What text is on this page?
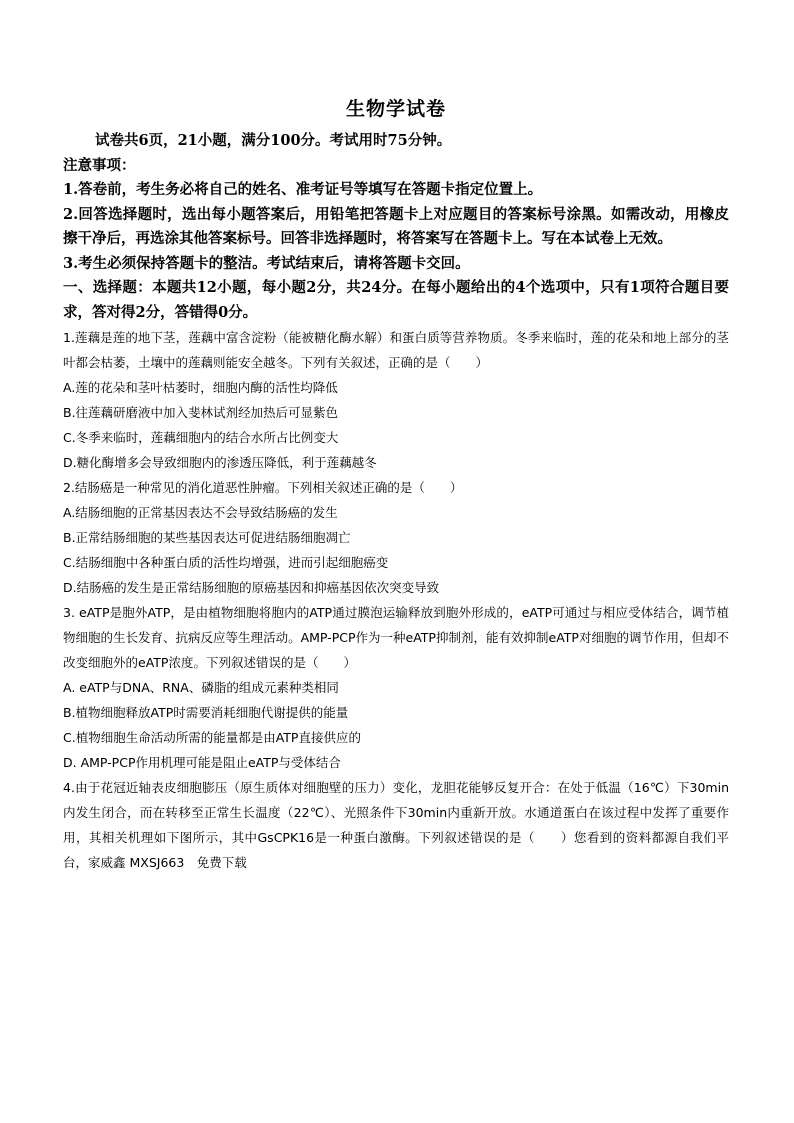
生物学试卷

试卷共6页，21小题，满分100分。考试用时75分钟。

注意事项：

1.答卷前，考生务必将自己的姓名、准考证号等填写在答题卡指定位置上。

2.回答选择题时，选出每小题答案后，用铅笔把答题卡上对应题目的答案标号涂黑。如需改动，用橡皮擦干净后，再选涂其他答案标号。回答非选择题时，将答案写在答题卡上。写在本试卷上无效。

3.考生必须保持答题卡的整洁。考试结束后，请将答题卡交回。

一、选择题：本题共12小题，每小题2分，共24分。在每小题给出的4个选项中，只有1项符合题目要求，答对得2分，答错得0分。

1.莲藕是莲的地下茎，莲藕中富含淀粉（能被糖化酶水解）和蛋白质等营养物质。冬季来临时，莲的花朵和地上部分的茎叶都会枯萎，土壤中的莲藕则能安全越冬。下列有关叙述，正确的是（　　）

A.莲的花朵和茎叶枯萎时，细胞内酶的活性均降低

B.往莲藕研磨液中加入斐林试剂经加热后可显紫色

C.冬季来临时，莲藕细胞内的结合水所占比例变大

D.糖化酶增多会导致细胞内的渗透压降低，利于莲藕越冬

2.结肠癌是一种常见的消化道恶性肿瘤。下列相关叙述正确的是（　　）

A.结肠细胞的正常基因表达不会导致结肠癌的发生

B.正常结肠细胞的某些基因表达可促进结肠细胞凋亡

C.结肠细胞中各种蛋白质的活性均增强，进而引起细胞癌变

D.结肠癌的发生是正常结肠细胞的原癌基因和抑癌基因依次突变导致

3. eATP是胞外ATP，是由植物细胞将胞内的ATP通过膜泡运输释放到胞外形成的，eATP可通过与相应受体结合，调节植物细胞的生长发育、抗病反应等生理活动。AMP-PCP作为一种eATP抑制剂，能有效抑制eATP对细胞的调节作用，但却不改变细胞外的eATP浓度。下列叙述错误的是（　　）

A. eATP与DNA、RNA、磷脂的组成元素种类相同

B.植物细胞释放ATP时需要消耗细胞代谢提供的能量

C.植物细胞生命活动所需的能量都是由ATP直接供应的

D. AMP-PCP作用机理可能是阻止eATP与受体结合

4.由于花冠近轴表皮细胞膨压（原生质体对细胞壁的压力）变化，龙胆花能够反复开合：在处于低温（16℃）下30min内发生闭合，而在转移至正常生长温度（22℃）、光照条件下30min内重新开放。水通道蛋白在该过程中发挥了重要作用，其相关机理如下图所示，其中GsCPK16是一种蛋白激酶。下列叙述错误的是（　　）您看到的资料都源自我们平台，家威鑫 MXSJ663　免费下载
